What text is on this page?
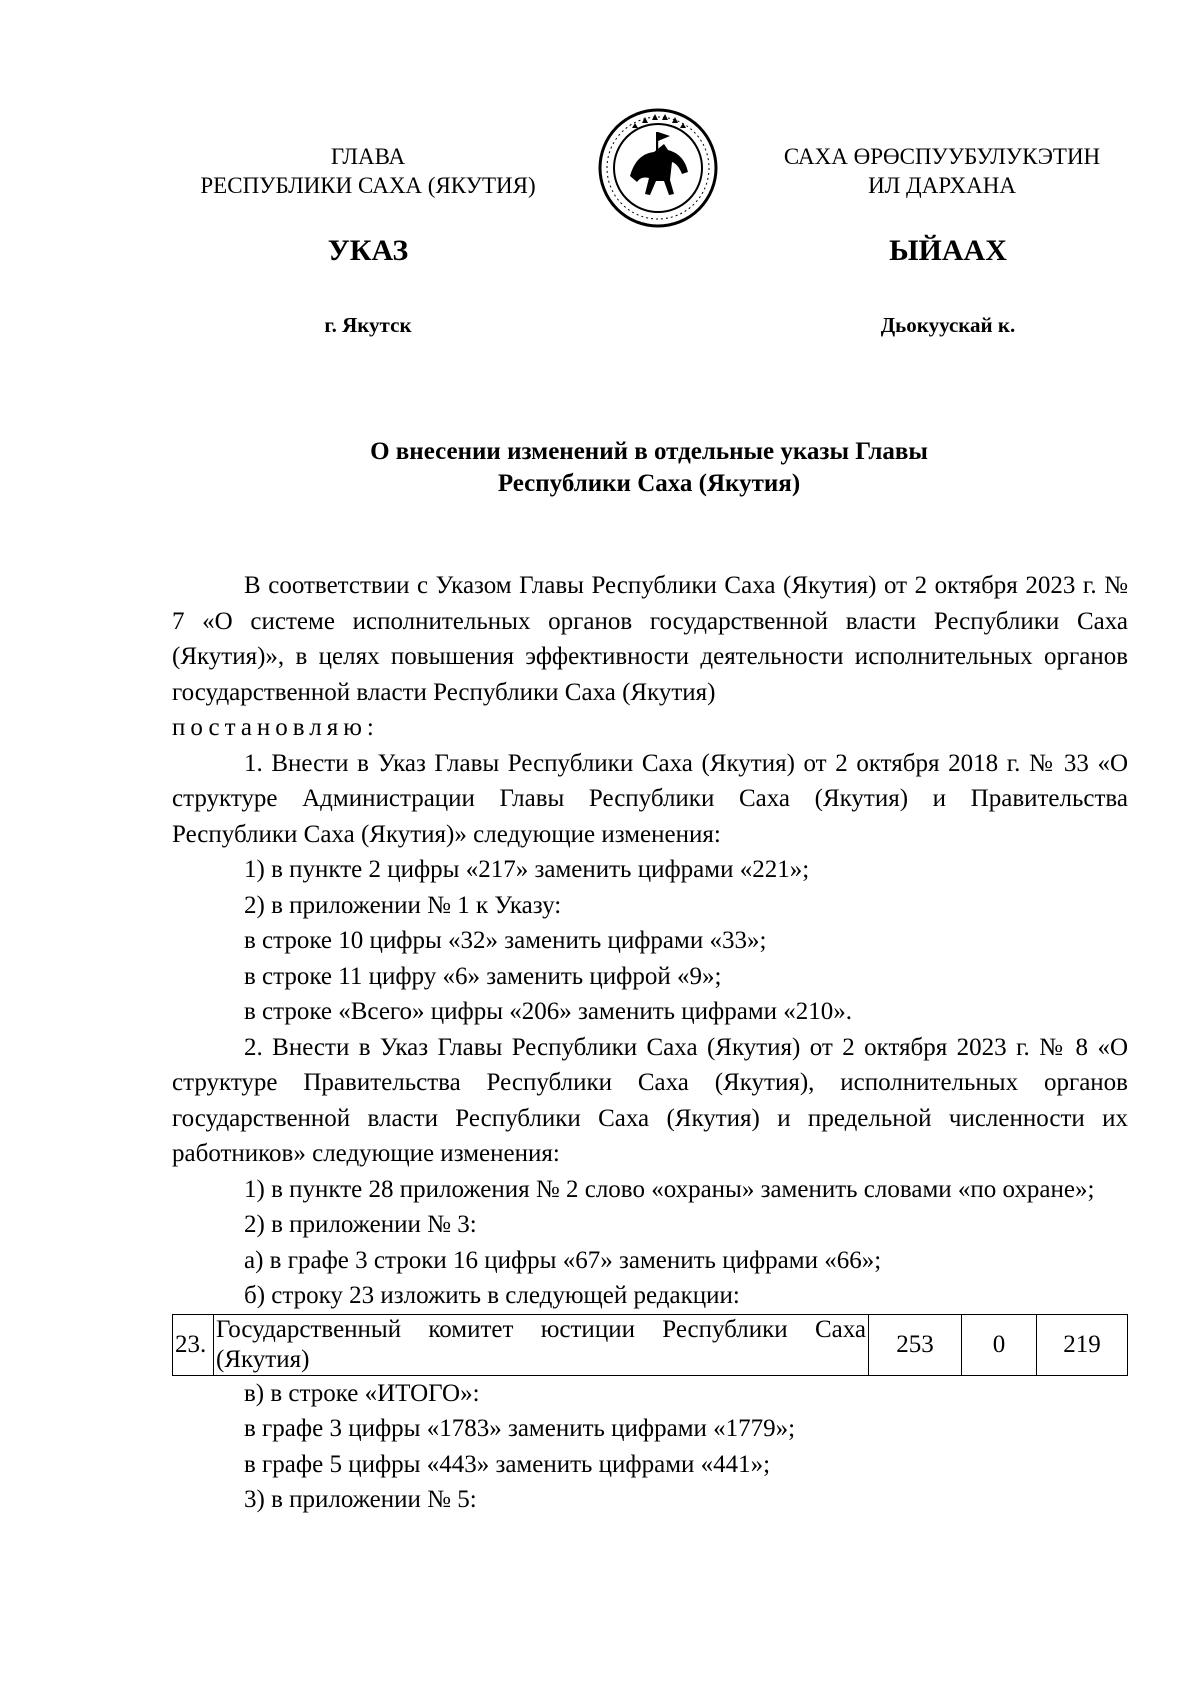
ГЛАВА
РЕСПУБЛИКИ САХА (ЯКУТИЯ)
САХА ӨРӨСПУУБУЛУКЭТИН
ИЛ ДАРХАНА
УКАЗ	ЫЙААХ
г. Якутск	Дьокуускай к.
О внесении изменений в отдельные указы Главы
Республики Саха (Якутия)

В соответствии с Указом Главы Республики Саха (Якутия) от 2 октября 2023 г. № 7 «О системе исполнительных органов государственной власти Республики Саха (Якутия)», в целях повышения эффективности деятельности исполнительных органов государственной власти Республики Саха (Якутия)

постановляю:

1. Внести в Указ Главы Республики Саха (Якутия) от 2 октября 2018 г. № 33 «О структуре Администрации Главы Республики Саха (Якутия) и Правительства Республики Саха (Якутия)» следующие изменения:

1) в пункте 2 цифры «217» заменить цифрами «221»;

2) в приложении № 1 к Указу:

в строке 10 цифры «32» заменить цифрами «33»;

в строке 11 цифру «6» заменить цифрой «9»;

в строке «Всего» цифры «206» заменить цифрами «210».

2. Внести в Указ Главы Республики Саха (Якутия) от 2 октября 2023 г. № 8 «О структуре Правительства Республики Саха (Якутия), исполнительных органов государственной власти Республики Саха (Якутия) и предельной численности их работников» следующие изменения:

1) в пункте 28 приложения № 2 слово «охраны» заменить словами «по охране»;

2) в приложении № 3:

а) в графе 3 строки 16 цифры «67» заменить цифрами «66»;

б) строку 23 изложить в следующей редакции:

23.	Государственный комитет юстиции Республики Саха (Якутия)	253	0	219

в) в строке «ИТОГО»:

в графе 3 цифры «1783» заменить цифрами «1779»;

в графе 5 цифры «443» заменить цифрами «441»;

3) в приложении № 5:
